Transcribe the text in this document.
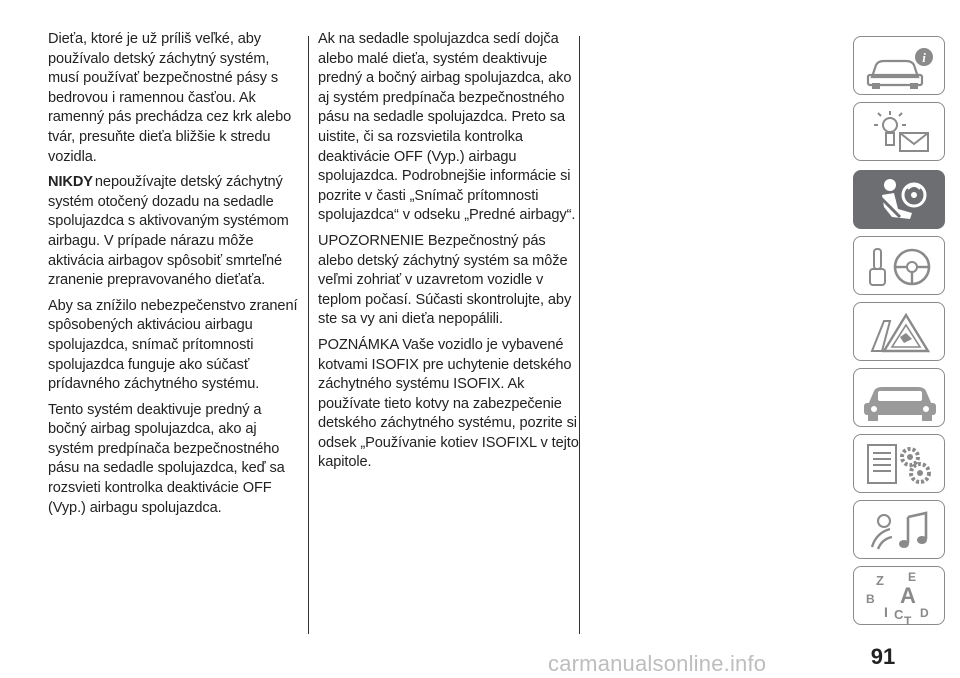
Dieťa, ktoré je už príliš veľké, aby používalo detský záchytný systém, musí používať bezpečnostné pásy s bedrovou i ramennou časťou. Ak ramenný pás prechádza cez krk alebo tvár, presuňte dieťa bližšie k stredu vozidla.

NIKDY nepoužívajte detský záchytný systém otočený dozadu na sedadle spolujazdca s aktivovaným systémom airbagu. V prípade nárazu môže aktivácia airbagov spôsobiť smrteľné zranenie prepravovaného dieťaťa.

Aby sa znížilo nebezpečenstvo zranení spôsobených aktiváciou airbagu spolujazdca, snímač prítomnosti spolujazdca funguje ako súčasť prídavného záchytného systému.

Tento systém deaktivuje predný a bočný airbag spolujazdca, ako aj systém predpínača bezpečnostného pásu na sedadle spolujazdca, keď sa rozsvieti kontrolka deaktivácie OFF (Vyp.) airbagu spolujazdca.

Ak na sedadle spolujazdca sedí dojča alebo malé dieťa, systém deaktivuje predný a bočný airbag spolujazdca, ako aj systém predpínača bezpečnostného pásu na sedadle spolujazdca. Preto sa uistite, či sa rozsvietila kontrolka deaktivácie OFF (Vyp.) airbagu spolujazdca. Podrobnejšie informácie si pozrite v časti „Snímač prítomnosti spolujazdca“ v odseku „Predné airbagy“.

UPOZORNENIE Bezpečnostný pás alebo detský záchytný systém sa môže veľmi zohriať v uzavretom vozidle v teplom počasí. Súčasti skontrolujte, aby ste sa vy ani dieťa nepopálili.

POZNÁMKA Vaše vozidlo je vybavené kotvami ISOFIX pre uchytenie detského záchytného systému ISOFIX. Ak používate tieto kotvy na zabezpečenie detského záchytného systému, pozrite si odsek „Používanie kotiev ISOFIXL v tejto kapitole.

i
Z E
B A
I C T
D
91
carmanualsonline.info
